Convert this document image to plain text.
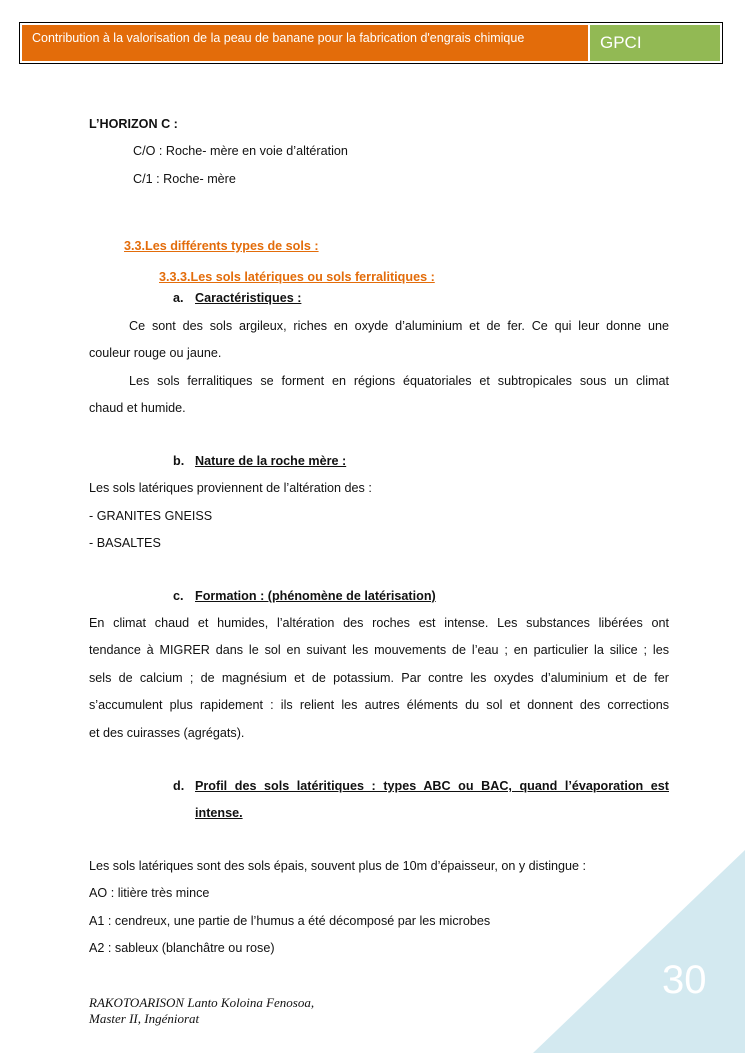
Contribution à la valorisation de la peau de banane pour la fabrication d'engrais chimique	GPCI
L’HORIZON C :
C/O : Roche- mère en voie d’altération
C/1 : Roche- mère
3.3.Les différents types de sols :
3.3.3.Les sols latériques ou sols ferralitiques :
a. Caractéristiques :
Ce sont des sols argileux, riches en oxyde d’aluminium et de fer. Ce qui leur donne une
couleur rouge ou jaune.
Les sols ferralitiques se forment en régions équatoriales et subtropicales sous un climat
chaud et humide.
b. Nature de la roche mère :
Les sols latériques proviennent de l’altération des :
- GRANITES GNEISS
- BASALTES
c. Formation : (phénomène de latérisation)
En climat chaud et humides, l’altération des roches est intense. Les substances libérées ont
tendance à MIGRER dans le sol en suivant les mouvements de l’eau ; en particulier la silice ; les
sels de calcium ; de magnésium et de potassium. Par contre les oxydes d’aluminium et de fer
s’accumulent plus rapidement : ils relient les autres éléments du sol et donnent des corrections
et des cuirasses (agrégats).
d. Profil des sols latéritiques : types ABC ou BAC, quand l’évaporation est
intense.
Les sols latériques sont des sols épais, souvent plus de 10m d’épaisseur, on y distingue :
AO : litière très mince
A1 : cendreux, une partie de l’humus a été décomposé par les microbes
A2 : sableux (blanchâtre ou rose)
30
RAKOTOARISON Lanto Koloina Fenosoa,
Master II, Ingéniorat
